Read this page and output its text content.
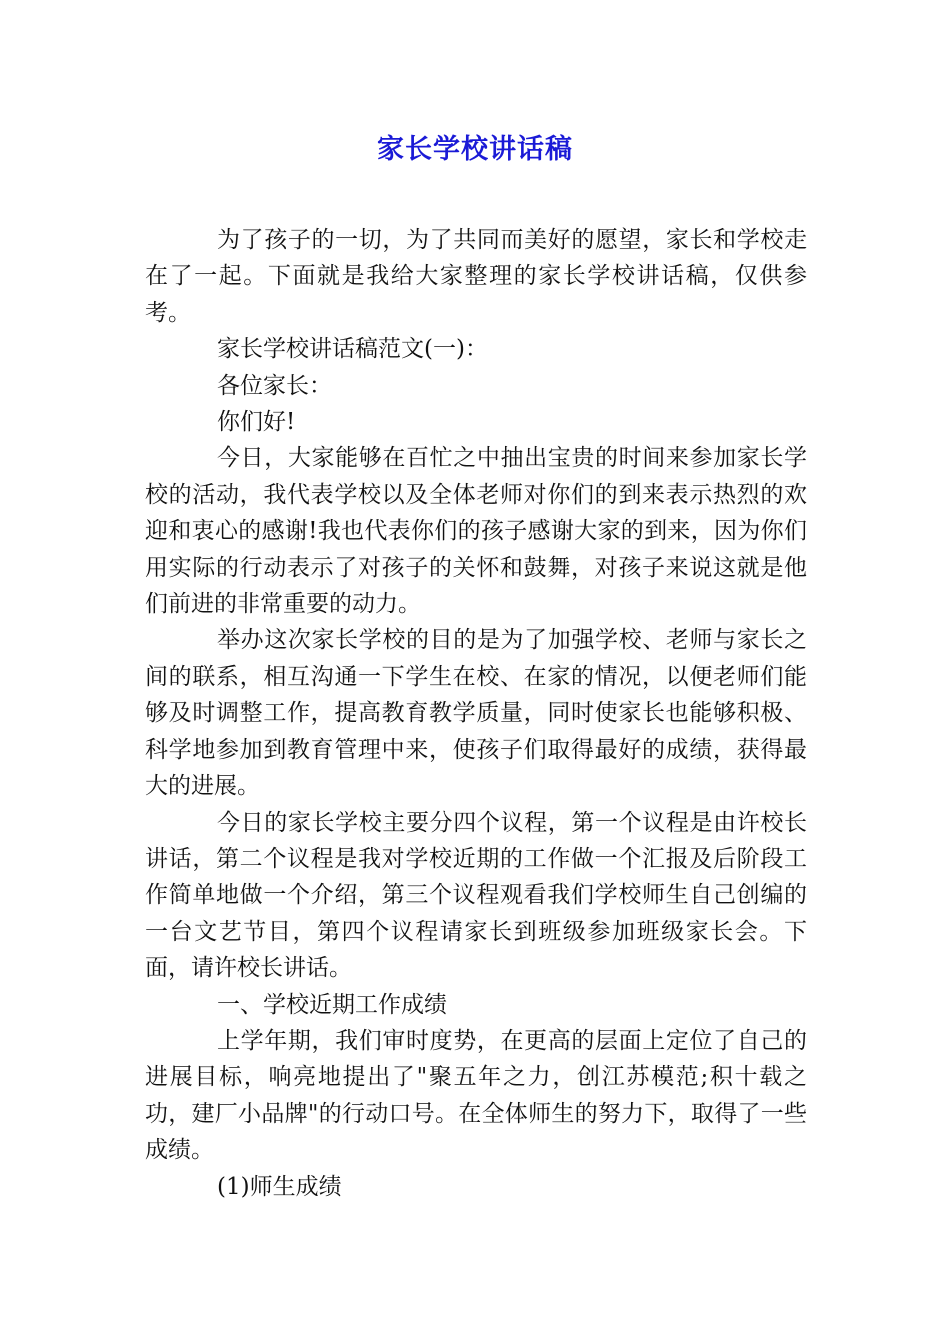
家长学校讲话稿

为了孩子的一切，为了共同而美好的愿望，家长和学校走在了一起。下面就是我给大家整理的家长学校讲话稿，仅供参考。

家长学校讲话稿范文(一)：

各位家长：

你们好!

今日，大家能够在百忙之中抽出宝贵的时间来参加家长学校的活动，我代表学校以及全体老师对你们的到来表示热烈的欢迎和衷心的感谢!我也代表你们的孩子感谢大家的到来，因为你们用实际的行动表示了对孩子的关怀和鼓舞，对孩子来说这就是他们前进的非常重要的动力。

举办这次家长学校的目的是为了加强学校、老师与家长之间的联系，相互沟通一下学生在校、在家的情况，以便老师们能够及时调整工作，提高教育教学质量，同时使家长也能够积极、科学地参加到教育管理中来，使孩子们取得最好的成绩，获得最大的进展。

今日的家长学校主要分四个议程，第一个议程是由许校长讲话，第二个议程是我对学校近期的工作做一个汇报及后阶段工作简单地做一个介绍，第三个议程观看我们学校师生自己创编的一台文艺节目，第四个议程请家长到班级参加班级家长会。下面，请许校长讲话。

一、学校近期工作成绩

上学年期，我们审时度势，在更高的层面上定位了自己的进展目标，响亮地提出了"聚五年之力，创江苏模范;积十载之功，建厂小品牌"的行动口号。在全体师生的努力下，取得了一些成绩。

(1)师生成绩
